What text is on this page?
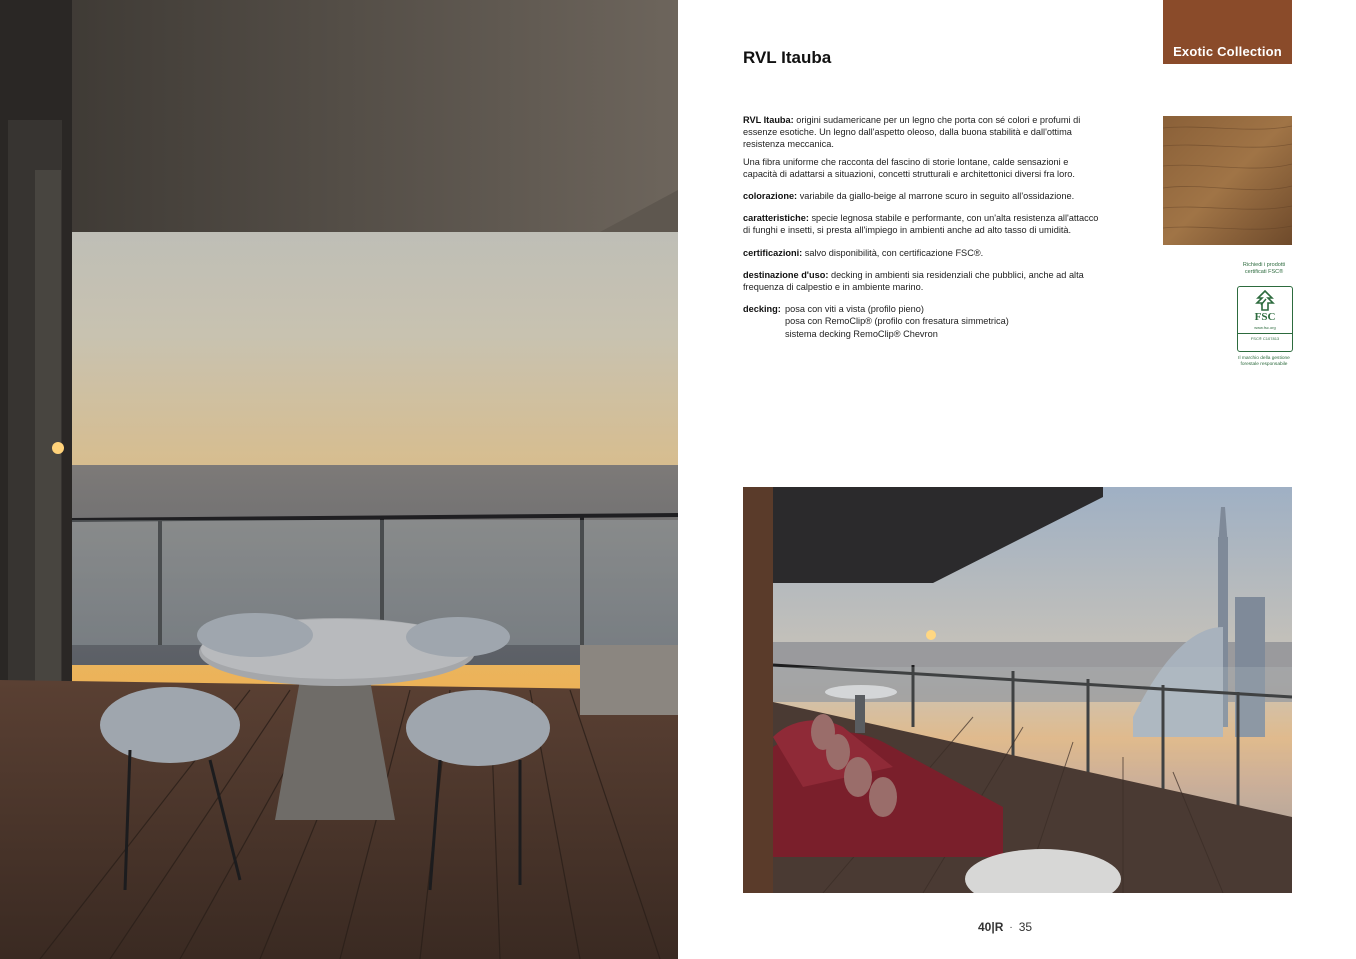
Exotic Collection
RVL Itauba

RVL Itauba: origini sudamericane per un legno che porta con sé colori e profumi di essenze esotiche. Un legno dall'aspetto oleoso, dalla buona stabilità e dall'ottima resistenza meccanica.

Una fibra uniforme che racconta del fascino di storie lontane, calde sensazioni e capacità di adattarsi a situazioni, concetti strutturali e architettonici diversi fra loro.

colorazione: variabile da giallo-beige al marrone scuro in seguito all'ossidazione.

caratteristiche: specie legnosa stabile e performante, con un'alta resistenza all'attacco di funghi e insetti, si presta all'impiego in ambienti anche ad alto tasso di umidità.

certificazioni: salvo disponibilità, con certificazione FSC®.

destinazione d'uso: decking in ambienti sia residenziali che pubblici, anche ad alta frequenza di calpestio e in ambiente marino.

decking: posa con viti a vista (profilo pieno)
posa con RemoClip® (profilo con fresatura simmetrica)
sistema decking RemoClip® Chevron
Richiedi i prodotti certificati FSC®
FSC
www.fsc.org
FSC® C107813
Il marchio della gestione forestale responsabile
40|R · 35
